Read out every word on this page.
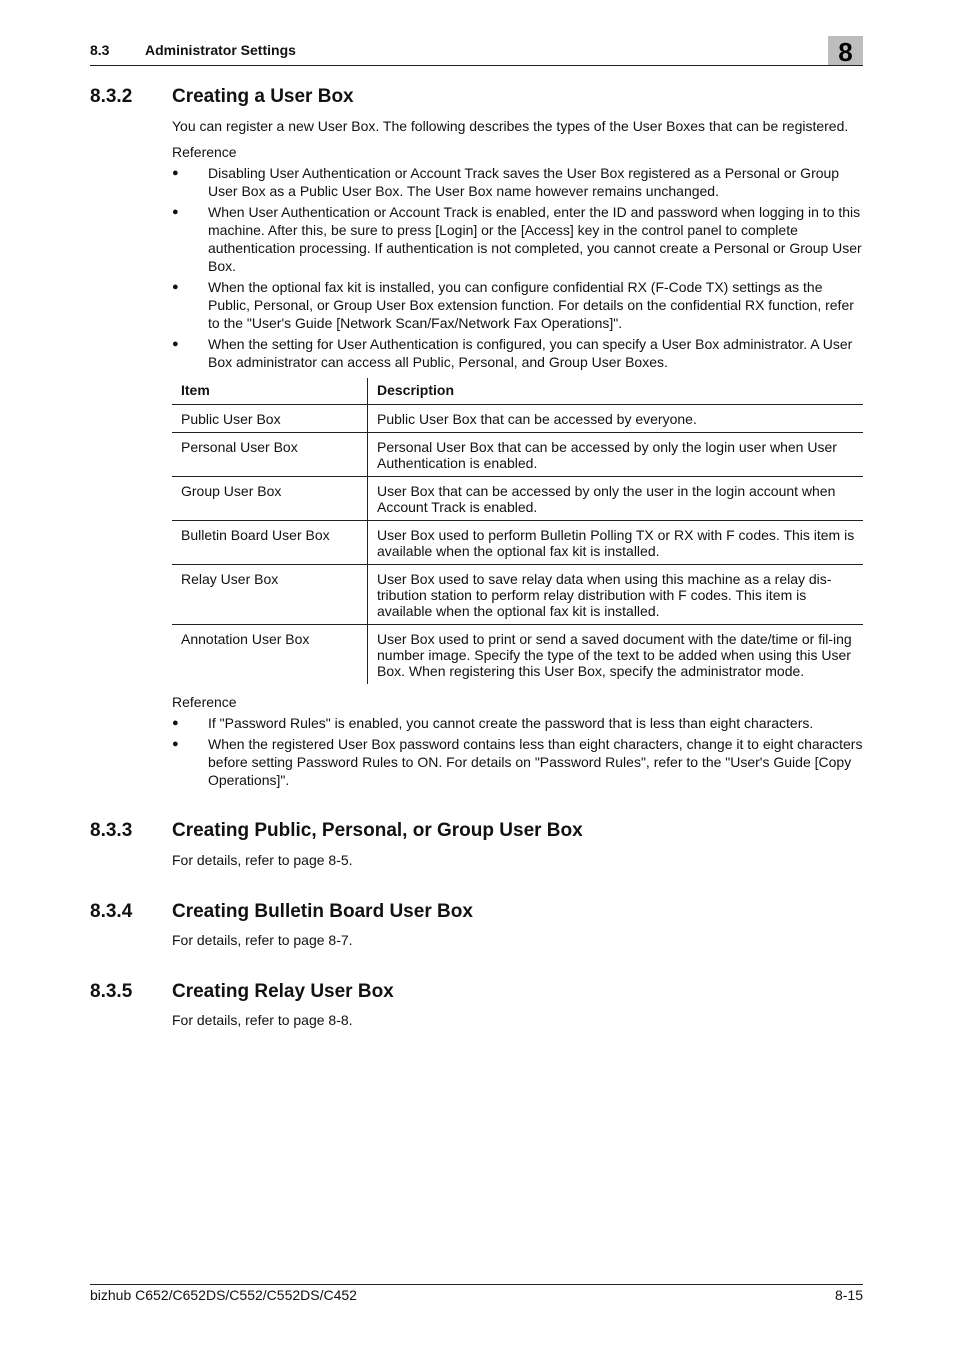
8.3	Administrator Settings	8
8.3.2 Creating a User Box

You can register a new User Box. The following describes the types of the User Boxes that can be registered.

Reference

● Disabling User Authentication or Account Track saves the User Box registered as a Personal or Group User Box as a Public User Box. The User Box name however remains unchanged.
● When User Authentication or Account Track is enabled, enter the ID and password when logging in to this machine. After this, be sure to press [Login] or the [Access] key in the control panel to complete authentication processing. If authentication is not completed, you cannot create a Personal or Group User Box.
● When the optional fax kit is installed, you can configure confidential RX (F-Code TX) settings as the Public, Personal, or Group User Box extension function. For details on the confidential RX function, refer to the "User's Guide [Network Scan/Fax/Network Fax Operations]".
● When the setting for User Authentication is configured, you can specify a User Box administrator. A User Box administrator can access all Public, Personal, and Group User Boxes.
Item	Description
Public User Box	Public User Box that can be accessed by everyone.
Personal User Box	Personal User Box that can be accessed by only the login user when User Authentication is enabled.
Group User Box	User Box that can be accessed by only the user in the login account when Account Track is enabled.
Bulletin Board User Box	User Box used to perform Bulletin Polling TX or RX with F codes. This item is available when the optional fax kit is installed.
Relay User Box	User Box used to save relay data when using this machine as a relay dis-tribution station to perform relay distribution with F codes. This item is available when the optional fax kit is installed.
Annotation User Box	User Box used to print or send a saved document with the date/time or fil-ing number image. Specify the type of the text to be added when using this User Box. When registering this User Box, specify the administrator mode.

Reference

● If "Password Rules" is enabled, you cannot create the password that is less than eight characters.
● When the registered User Box password contains less than eight characters, change it to eight characters before setting Password Rules to ON. For details on "Password Rules", refer to the "User's Guide [Copy Operations]".
8.3.3 Creating Public, Personal, or Group User Box

For details, refer to page 8-5.

8.3.4 Creating Bulletin Board User Box

For details, refer to page 8-7.

8.3.5 Creating Relay User Box

For details, refer to page 8-8.

bizhub C652/C652DS/C552/C552DS/C452	8-15
